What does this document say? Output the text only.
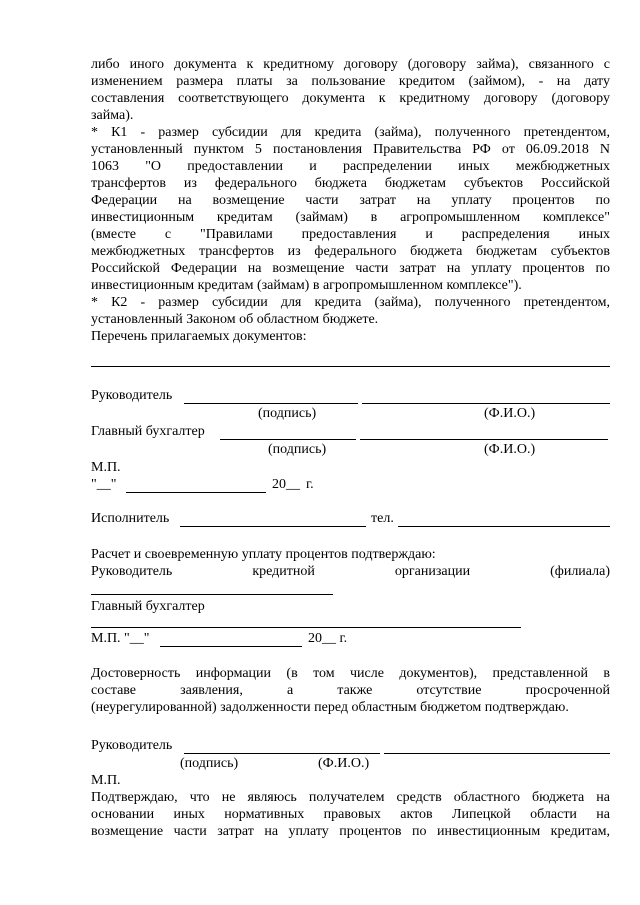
либо иного документа к кредитному договору (договору займа), связанного с
изменением размера платы за пользование кредитом (займом), - на дату
составления соответствующего документа к кредитному договору (договору
займа).
* К1 - размер субсидии для кредита (займа), полученного претендентом,
установленный пунктом 5 постановления Правительства РФ от 06.09.2018 N
1063 "О предоставлении и распределении иных межбюджетных
трансфертов из федерального бюджета бюджетам субъектов Российской
Федерации на возмещение части затрат на уплату процентов по
инвестиционным кредитам (займам) в агропромышленном комплексе"
(вместе с "Правилами предоставления и распределения иных
межбюджетных трансфертов из федерального бюджета бюджетам субъектов
Российской Федерации на возмещение части затрат на уплату процентов по
инвестиционным кредитам (займам) в агропромышленном комплексе").
* К2 - размер субсидии для кредита (займа), полученного претендентом,
установленный Законом об областном бюджете.
Перечень прилагаемых документов:
Руководитель
(подпись)	(Ф.И.О.)
Главный бухгалтер
(подпись)	(Ф.И.О.)
М.П.
"__"	20__ г.
Исполнитель	тел.
Расчет и своевременную уплату процентов подтверждаю:
Руководитель кредитной организации (филиала)
Главный бухгалтер
М.П. "__"	20__ г.
Достоверность информации (в том числе документов), представленной в
составе заявления, а также отсутствие просроченной
(неурегулированной) задолженности перед областным бюджетом подтверждаю.
Руководитель
(подпись)	(Ф.И.О.)
М.П.
Подтверждаю, что не являюсь получателем средств областного бюджета на
основании иных нормативных правовых актов Липецкой области на
возмещение части затрат на уплату процентов по инвестиционным кредитам,
